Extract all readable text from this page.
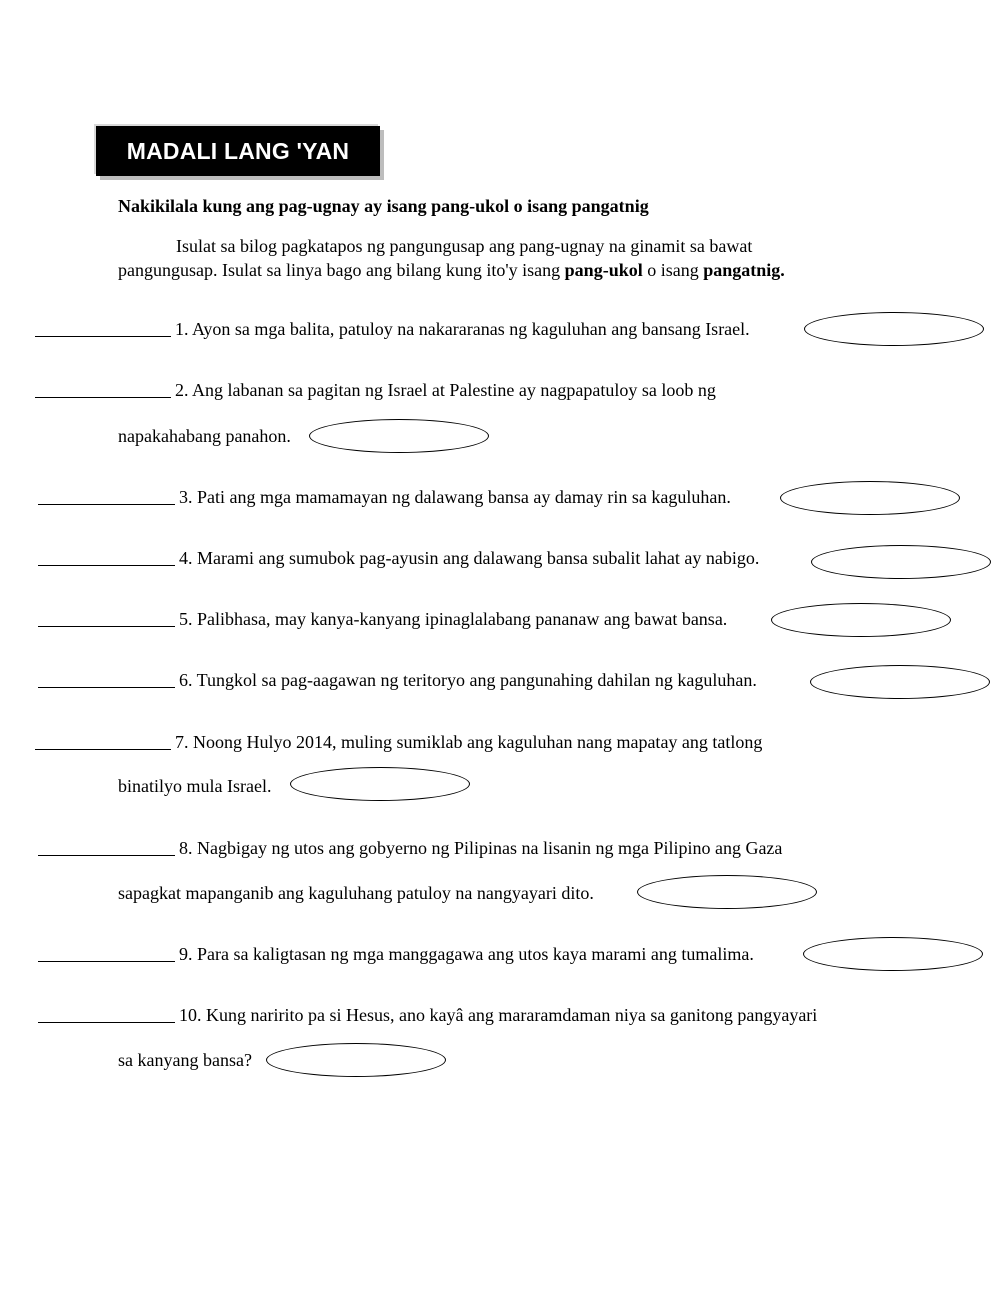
MADALI LANG 'YAN
Nakikilala kung ang pag-ugnay ay isang pang-ukol o isang pangatnig
Isulat sa bilog pagkatapos ng pangungusap ang pang-ugnay na ginamit sa bawat
pangungusap. Isulat sa linya bago ang bilang kung ito'y isang pang-ukol o isang pangatnig.
1. Ayon sa mga balita, patuloy na nakararanas ng kaguluhan ang bansang Israel.
2. Ang labanan sa pagitan ng Israel at Palestine ay nagpapatuloy sa loob ng
napakahabang panahon.
3. Pati ang mga mamamayan ng dalawang bansa ay damay rin sa kaguluhan.
4. Marami ang sumubok pag-ayusin ang dalawang bansa subalit lahat ay nabigo.
5. Palibhasa, may kanya-kanyang ipinaglalabang pananaw ang bawat bansa.
6. Tungkol sa pag-aagawan ng teritoryo ang pangunahing dahilan ng kaguluhan.
7. Noong Hulyo 2014, muling sumiklab ang kaguluhan nang mapatay ang tatlong
binatilyo mula Israel.
8. Nagbigay ng utos ang gobyerno ng Pilipinas na lisanin ng mga Pilipino ang Gaza
sapagkat mapanganib ang kaguluhang patuloy na nangyayari dito.
9. Para sa kaligtasan ng mga manggagawa ang utos kaya marami ang tumalima.
10. Kung naririto pa si Hesus, ano kayâ ang mararamdaman niya sa ganitong pangyayari
sa kanyang bansa?
